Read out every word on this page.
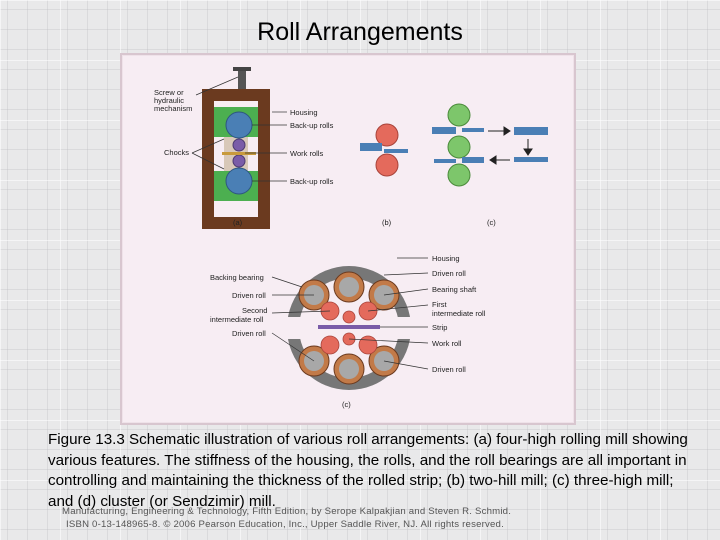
Roll Arrangements
Screw or
hydraulic
mechanism	Housing
Back-up rolls
Chocks	Work rolls
Back-up rolls
(a)	(b)	(c)
Housing
Driven roll
Backing bearing
Bearing shaft
Driven roll
First
intermediate roll
Second
intermediate roll
Strip
Driven roll
Work roll
Driven roll
(c)
Figure 13.3 Schematic illustration of various roll arrangements: (a) four-high rolling mill showing various features. The stiffness of the housing, the rolls, and the roll bearings are all important in controlling and maintaining the thickness of the rolled strip; (b) two-hill mill; (c) three-high mill; and (d) cluster (or Sendzimir) mill.
Manufacturing, Engineering & Technology, Fifth Edition, by Serope Kalpakjian and Steven R. Schmid.
ISBN 0-13-148965-8. © 2006 Pearson Education, Inc., Upper Saddle River, NJ. All rights reserved.
